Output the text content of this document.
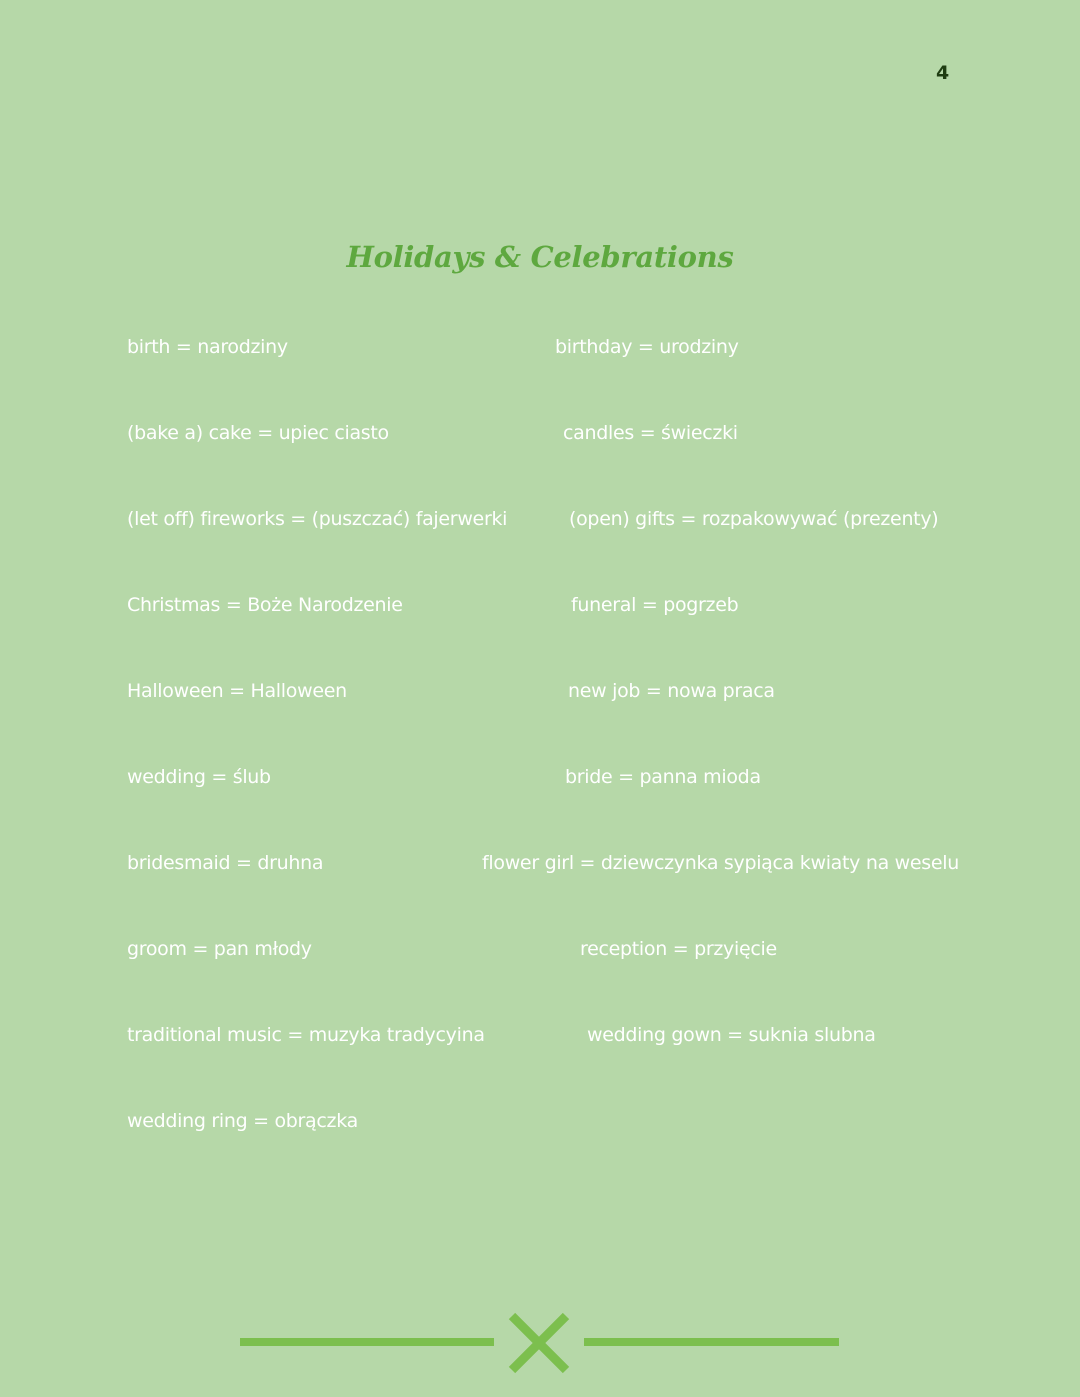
4
Holidays & Celebrations
birth = narodziny
(bake a) cake = upiec ciasto
(let off) fireworks = (puszczać) fajerwerki
Christmas = Boże Narodzenie
Halloween = Halloween
wedding = ślub
bridesmaid = druhna
groom = pan młody
traditional music = muzyka tradycyina
wedding ring = obrączka
birthday = urodziny
candles = świeczki
(open) gifts = rozpakowywać (prezenty)
funeral = pogrzeb
new job = nowa praca
bride = panna mioda
flower girl = dziewczynka sypiąca kwiaty na weselu
reception = przyięcie
wedding gown = suknia slubna
